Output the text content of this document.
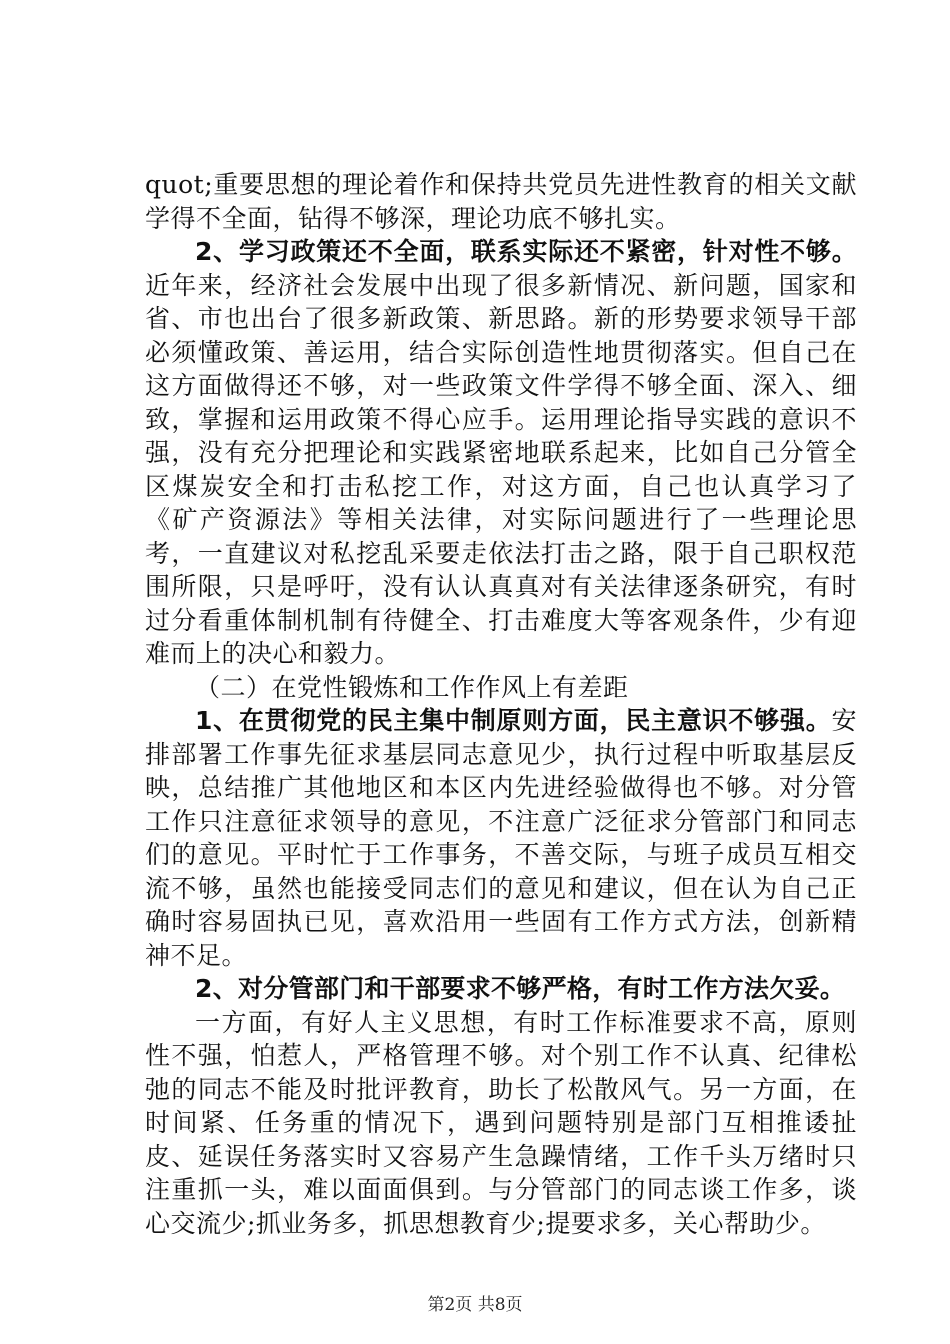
quot;重要思想的理论着作和保持共党员先进性教育的相关文献学得不全面，钻得不够深，理论功底不够扎实。

2、学习政策还不全面，联系实际还不紧密，针对性不够。近年来，经济社会发展中出现了很多新情况、新问题，国家和省、市也出台了很多新政策、新思路。新的形势要求领导干部必须懂政策、善运用，结合实际创造性地贯彻落实。但自己在这方面做得还不够，对一些政策文件学得不够全面、深入、细致，掌握和运用政策不得心应手。运用理论指导实践的意识不强，没有充分把理论和实践紧密地联系起来，比如自己分管全区煤炭安全和打击私挖工作，对这方面，自己也认真学习了《矿产资源法》等相关法律，对实际问题进行了一些理论思考，一直建议对私挖乱采要走依法打击之路，限于自己职权范围所限，只是呼吁，没有认认真真对有关法律逐条研究，有时过分看重体制机制有待健全、打击难度大等客观条件，少有迎难而上的决心和毅力。

（二）在党性锻炼和工作作风上有差距

1、在贯彻党的民主集中制原则方面，民主意识不够强。安排部署工作事先征求基层同志意见少，执行过程中听取基层反映，总结推广其他地区和本区内先进经验做得也不够。对分管工作只注意征求领导的意见，不注意广泛征求分管部门和同志们的意见。平时忙于工作事务，不善交际，与班子成员互相交流不够，虽然也能接受同志们的意见和建议，但在认为自己正确时容易固执已见，喜欢沿用一些固有工作方式方法，创新精神不足。

2、对分管部门和干部要求不够严格，有时工作方法欠妥。

一方面，有好人主义思想，有时工作标准要求不高，原则性不强，怕惹人，严格管理不够。对个别工作不认真、纪律松弛的同志不能及时批评教育，助长了松散风气。另一方面，在时间紧、任务重的情况下，遇到问题特别是部门互相推诿扯皮、延误任务落实时又容易产生急躁情绪，工作千头万绪时只注重抓一头，难以面面俱到。与分管部门的同志谈工作多，谈心交流少;抓业务多，抓思想教育少;提要求多，关心帮助少。

第2页 共8页
